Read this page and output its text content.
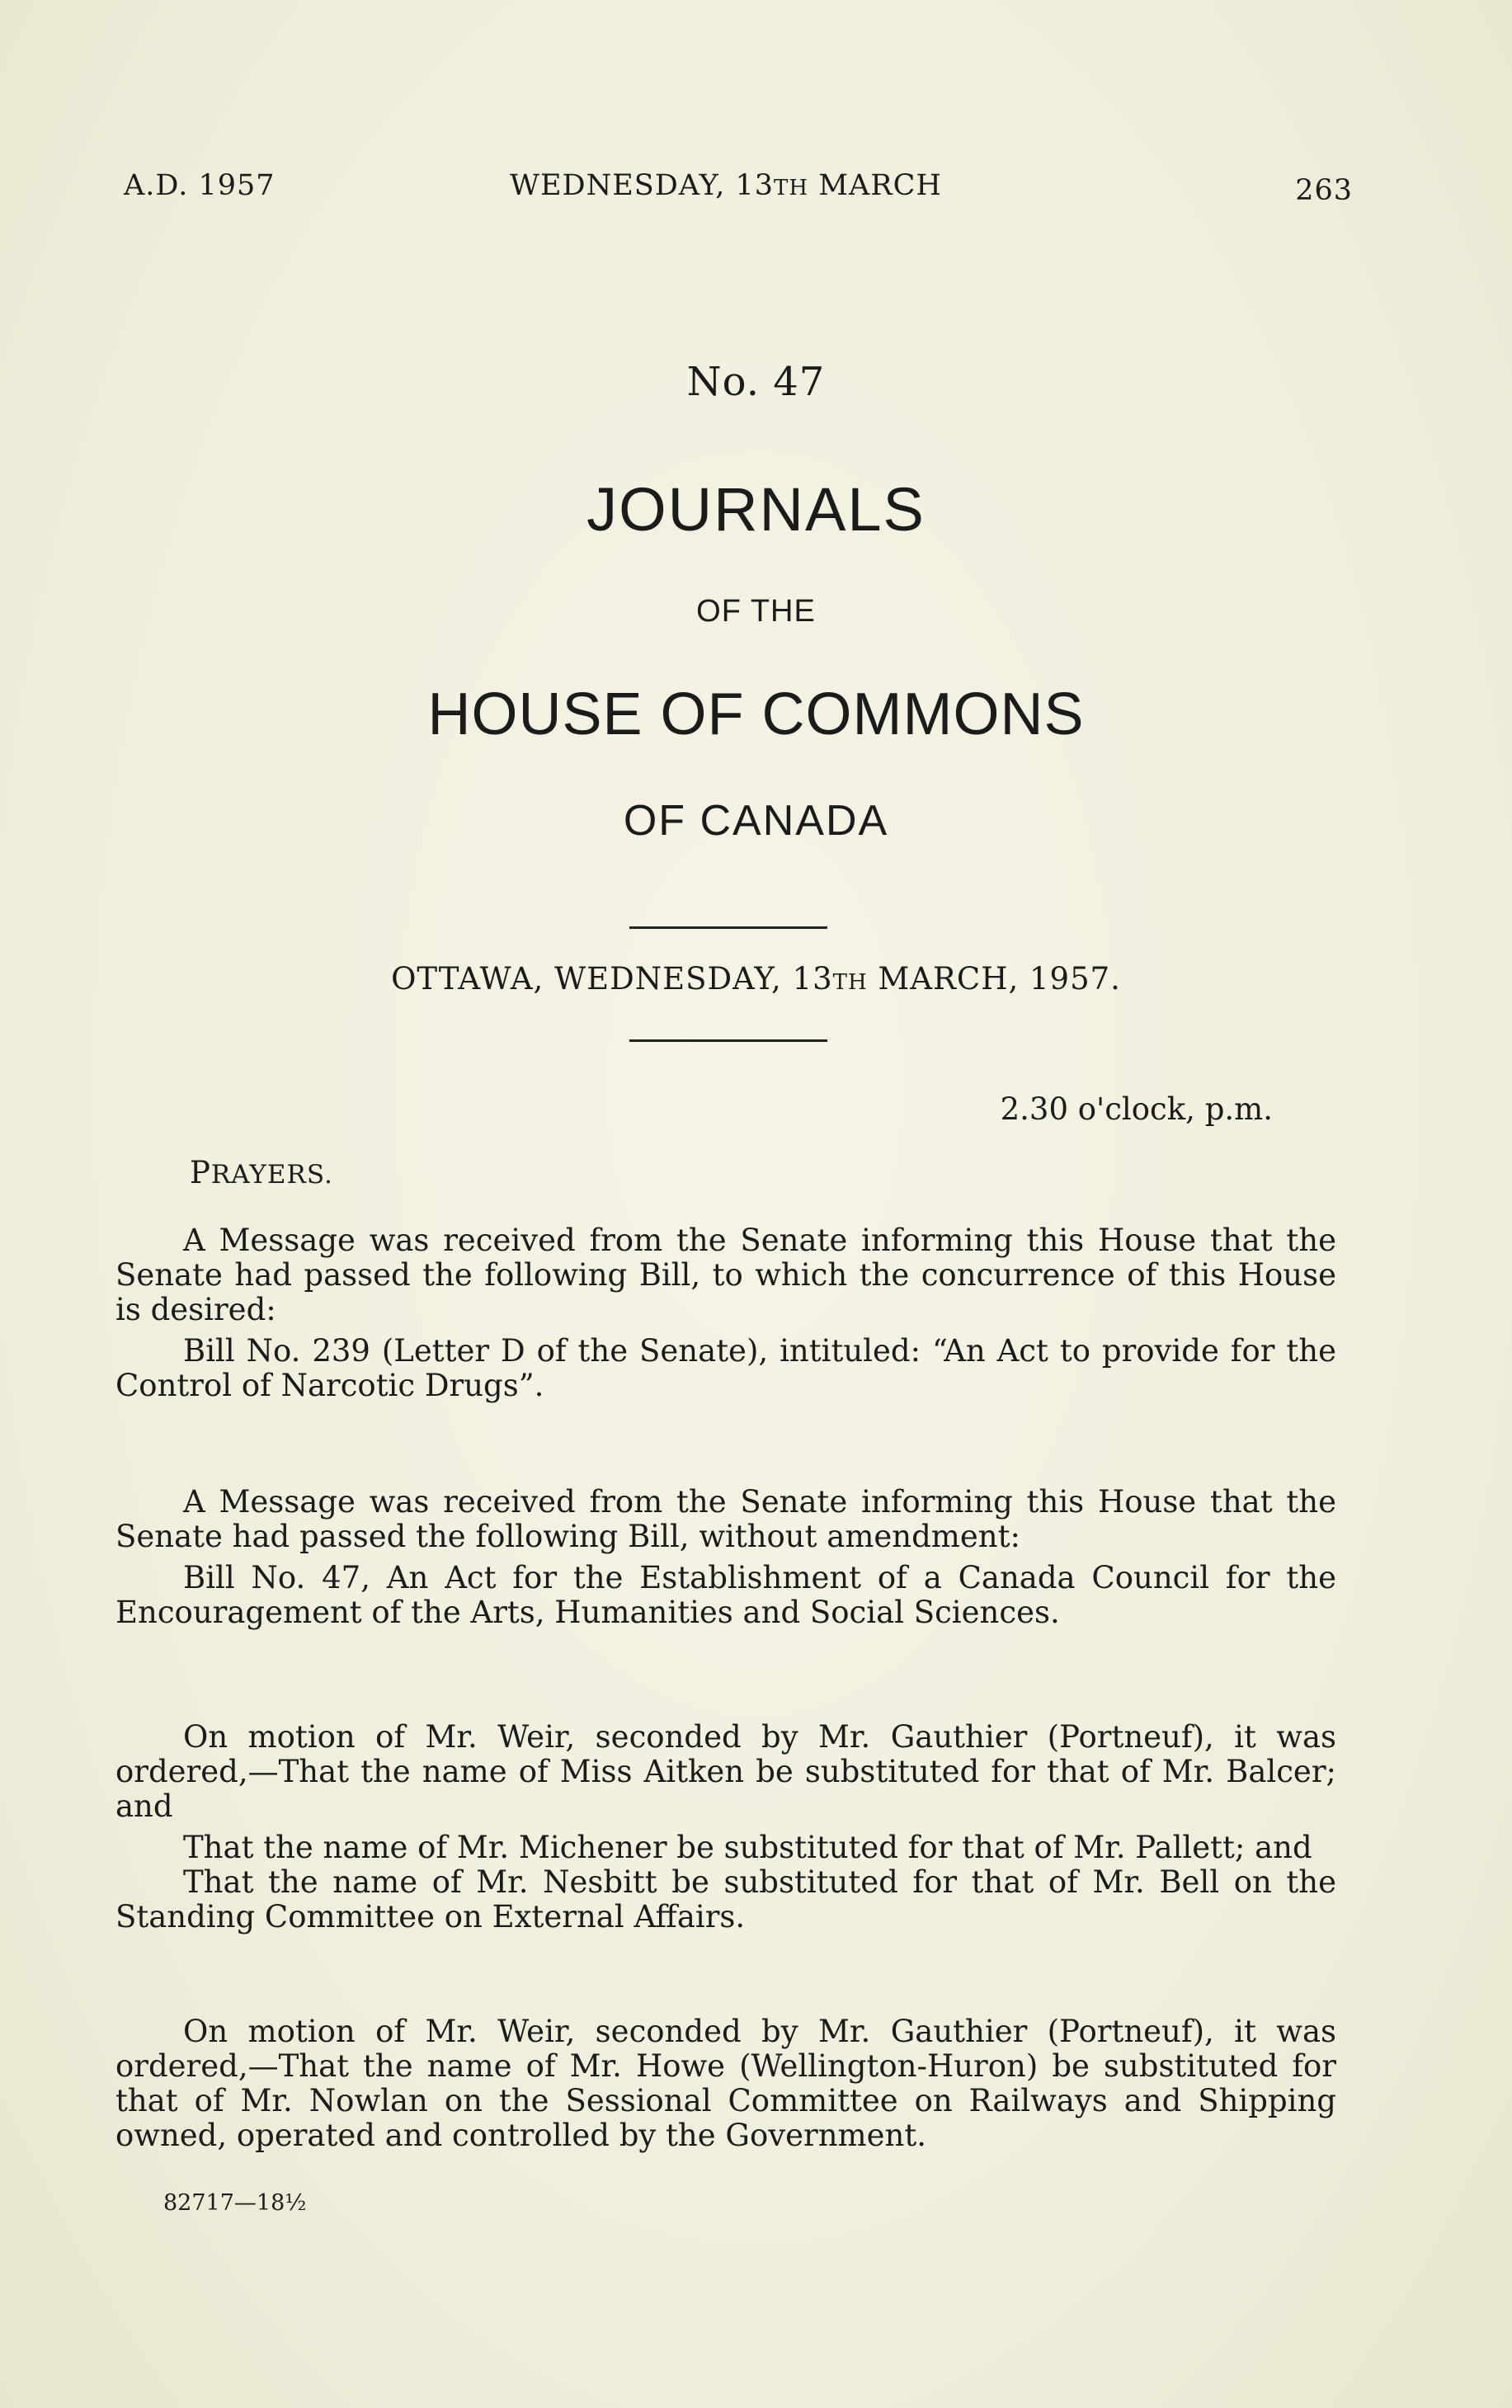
A.D. 1957	WEDNESDAY, 13TH MARCH	263
No. 47
JOURNALS
OF THE
HOUSE OF COMMONS
OF CANADA
OTTAWA, WEDNESDAY, 13TH MARCH, 1957.
2.30 o'clock, p.m.
PRAYERS.

A Message was received from the Senate informing this House that the Senate had passed the following Bill, to which the concurrence of this House is desired:

Bill No. 239 (Letter D of the Senate), intituled: “An Act to provide for the Control of Narcotic Drugs”.

A Message was received from the Senate informing this House that the Senate had passed the following Bill, without amendment:

Bill No. 47, An Act for the Establishment of a Canada Council for the Encouragement of the Arts, Humanities and Social Sciences.

On motion of Mr. Weir, seconded by Mr. Gauthier (Portneuf), it was ordered,—That the name of Miss Aitken be substituted for that of Mr. Balcer; and

That the name of Mr. Michener be substituted for that of Mr. Pallett; and

That the name of Mr. Nesbitt be substituted for that of Mr. Bell on the Standing Committee on External Affairs.

On motion of Mr. Weir, seconded by Mr. Gauthier (Portneuf), it was ordered,—That the name of Mr. Howe (Wellington-Huron) be substituted for that of Mr. Nowlan on the Sessional Committee on Railways and Shipping owned, operated and controlled by the Government.

82717—18½
